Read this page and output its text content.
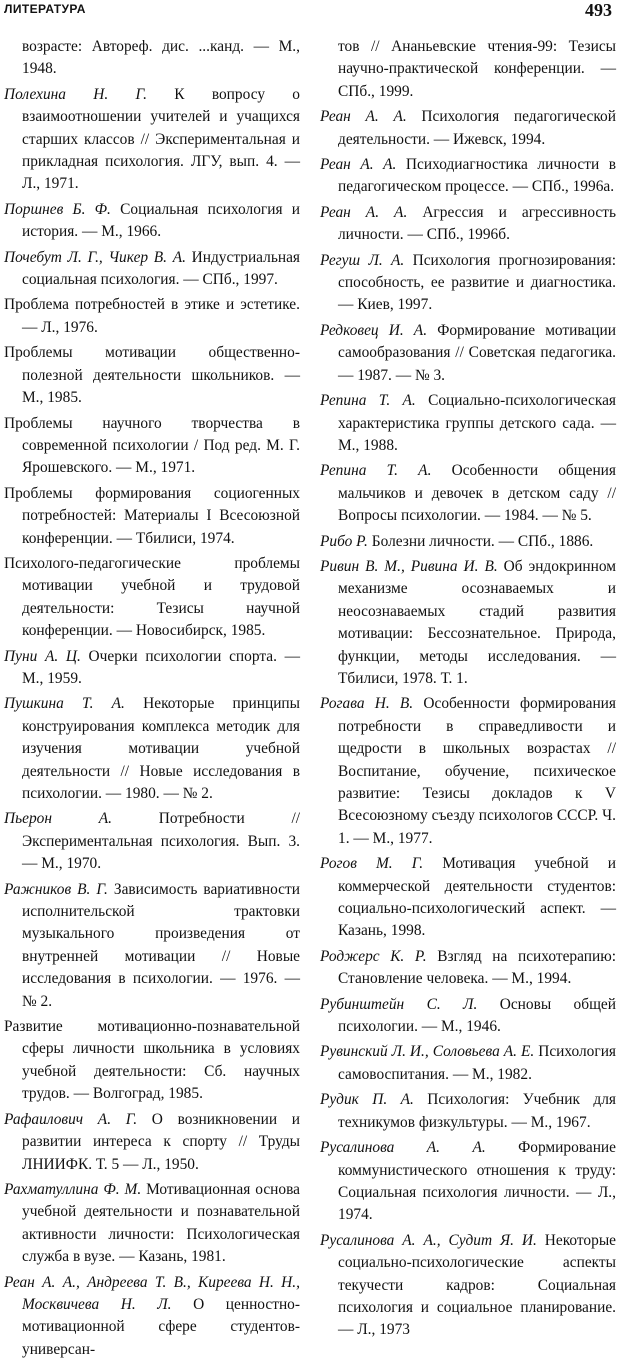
ЛИТЕРАТУРА	493

возрасте: Автореф. дис. ...канд. — М., 1948.

Полехина Н. Г. К вопросу о взаимоотношении учителей и учащихся старших классов // Экспериментальная и прикладная психология. ЛГУ, вып. 4. — Л., 1971.

Поршнев Б. Ф. Социальная психология и история. — М., 1966.

Почебут Л. Г., Чикер В. А. Индустриальная социальная психология. — СПб., 1997.

Проблема потребностей в этике и эстетике. — Л., 1976.

Проблемы мотивации общественно-полезной деятельности школьников. — М., 1985.

Проблемы научного творчества в современной психологии / Под ред. М. Г. Ярошевского. — М., 1971.

Проблемы формирования социогенных потребностей: Материалы I Всесоюзной конференции. — Тбилиси, 1974.

Психолого-педагогические проблемы мотивации учебной и трудовой деятельности: Тезисы научной конференции. — Новосибирск, 1985.

Пуни А. Ц. Очерки психологии спорта. — М., 1959.

Пушкина Т. А. Некоторые принципы конструирования комплекса методик для изучения мотивации учебной деятельности // Новые исследования в психологии. — 1980. — № 2.

Пьерон А. Потребности // Экспериментальная психология. Вып. 3. — М., 1970.

Ражников В. Г. Зависимость вариативности исполнительской трактовки музыкального произведения от внутренней мотивации // Новые исследования в психологии. — 1976. — № 2.

Развитие мотивационно-познавательной сферы личности школьника в условиях учебной деятельности: Сб. научных трудов. — Волгоград, 1985.

Рафаилович А. Г. О возникновении и развитии интереса к спорту // Труды ЛНИИФК. Т. 5 — Л., 1950.

Рахматуллина Ф. М. Мотивационная основа учебной деятельности и познавательной активности личности: Психологическая служба в вузе. — Казань, 1981.

Реан А. А., Андреева Т. В., Киреева Н. Н., Москвичева Н. Л. О ценностно-мотивационной сфере студентов-универсан-

тов // Ананьевские чтения-99: Тезисы научно-практической конференции. — СПб., 1999.

Реан А. А. Психология педагогической деятельности. — Ижевск, 1994.

Реан А. А. Психодиагностика личности в педагогическом процессе. — СПб., 1996а.

Реан А. А. Агрессия и агрессивность личности. — СПб., 1996б.

Регуш Л. А. Психология прогнозирования: способность, ее развитие и диагностика. — Киев, 1997.

Редковец И. А. Формирование мотивации самообразования // Советская педагогика. — 1987. — № 3.

Репина Т. А. Социально-психологическая характеристика группы детского сада. — М., 1988.

Репина Т. А. Особенности общения мальчиков и девочек в детском саду // Вопросы психологии. — 1984. — № 5.

Рибо Р. Болезни личности. — СПб., 1886.

Ривин В. М., Ривина И. В. Об эндокринном механизме осознаваемых и неосознаваемых стадий развития мотивации: Бессознательное. Природа, функции, методы исследования. — Тбилиси, 1978. Т. 1.

Рогава Н. В. Особенности формирования потребности в справедливости и щедрости в школьных возрастах // Воспитание, обучение, психическое развитие: Тезисы докладов к V Всесоюзному съезду психологов СССР. Ч. 1. — М., 1977.

Рогов М. Г. Мотивация учебной и коммерческой деятельности студентов: социально-психологический аспект. — Казань, 1998.

Роджерс К. Р. Взгляд на психотерапию: Становление человека. — М., 1994.

Рубинштейн С. Л. Основы общей психологии. — М., 1946.

Рувинский Л. И., Соловьева А. Е. Психология самовоспитания. — М., 1982.

Рудик П. А. Психология: Учебник для техникумов физкультуры. — М., 1967.

Русалинова А. А. Формирование коммунистического отношения к труду: Социальная психология личности. — Л., 1974.

Русалинова А. А., Судит Я. И. Некоторые социально-психологические аспекты текучести кадров: Социальная психология и социальное планирование. — Л., 1973
